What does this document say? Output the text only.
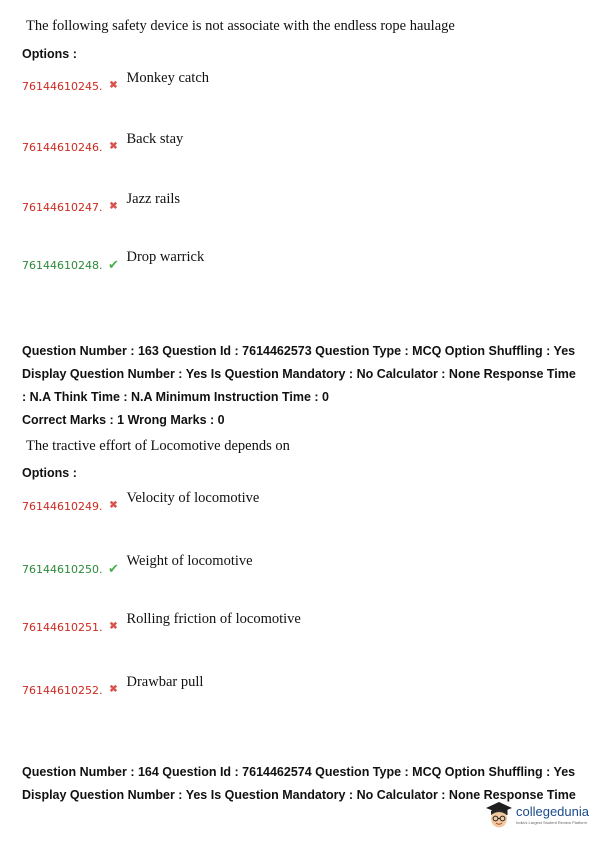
The following safety device is not associate with the endless rope haulage
Options :
76144610245. ✖ Monkey catch
76144610246. ✖ Back stay
76144610247. ✖ Jazz rails
76144610248. ✔ Drop warrick
Question Number : 163 Question Id : 7614462573 Question Type : MCQ Option Shuffling : Yes
Display Question Number : Yes Is Question Mandatory : No Calculator : None Response Time
: N.A Think Time : N.A Minimum Instruction Time : 0
Correct Marks : 1 Wrong Marks : 0
The tractive effort of Locomotive depends on
Options :
76144610249. ✖ Velocity of locomotive
76144610250. ✔ Weight of locomotive
76144610251. ✖ Rolling friction of locomotive
76144610252. ✖ Drawbar pull
Question Number : 164 Question Id : 7614462574 Question Type : MCQ Option Shuffling : Yes
Display Question Number : Yes Is Question Mandatory : No Calculator : None Response Time
collegedunia
India's Largest Student Review Platform
